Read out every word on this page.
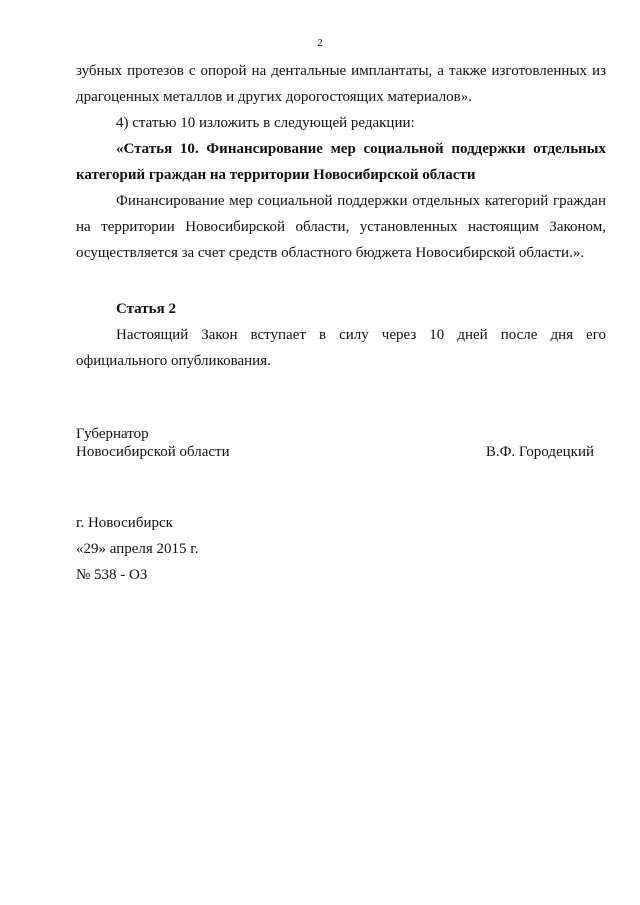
2

зубных протезов с опорой на дентальные имплантаты, а также изготовленных из драгоценных металлов и других дорогостоящих материалов».

4) статью 10 изложить в следующей редакции:

«Статья 10. Финансирование мер социальной поддержки отдельных категорий граждан на территории Новосибирской области

Финансирование мер социальной поддержки отдельных категорий граждан на территории Новосибирской области, установленных настоящим Законом, осуществляется за счет средств областного бюджета Новосибирской области.».

Статья 2

Настоящий Закон вступает в силу через 10 дней после дня его официального опубликования.

Губернатор
Новосибирской области	В.Ф. Городецкий
г. Новосибирск
«29» апреля 2015 г.
№ 538 - ОЗ
